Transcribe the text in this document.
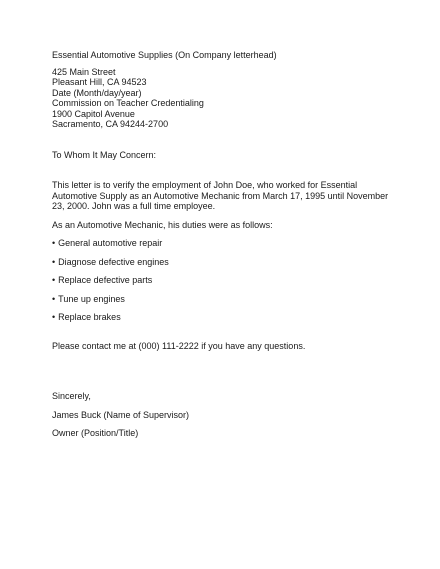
Essential Automotive Supplies (On Company letterhead)
425 Main Street
Pleasant Hill, CA 94523
Date (Month/day/year)
Commission on Teacher Credentialing
1900 Capitol Avenue
Sacramento, CA 94244-2700
To Whom It May Concern:

This letter is to verify the employment of John Doe, who worked for Essential Automotive Supply as an Automotive Mechanic from March 17, 1995 until November 23, 2000. John was a full time employee.

As an Automotive Mechanic, his duties were as follows:
• General automotive repair
• Diagnose defective engines
• Replace defective parts
• Tune up engines
• Replace brakes
Please contact me at (000) 111-2222 if you have any questions.
Sincerely,
James Buck (Name of Supervisor)
Owner (Position/Title)
